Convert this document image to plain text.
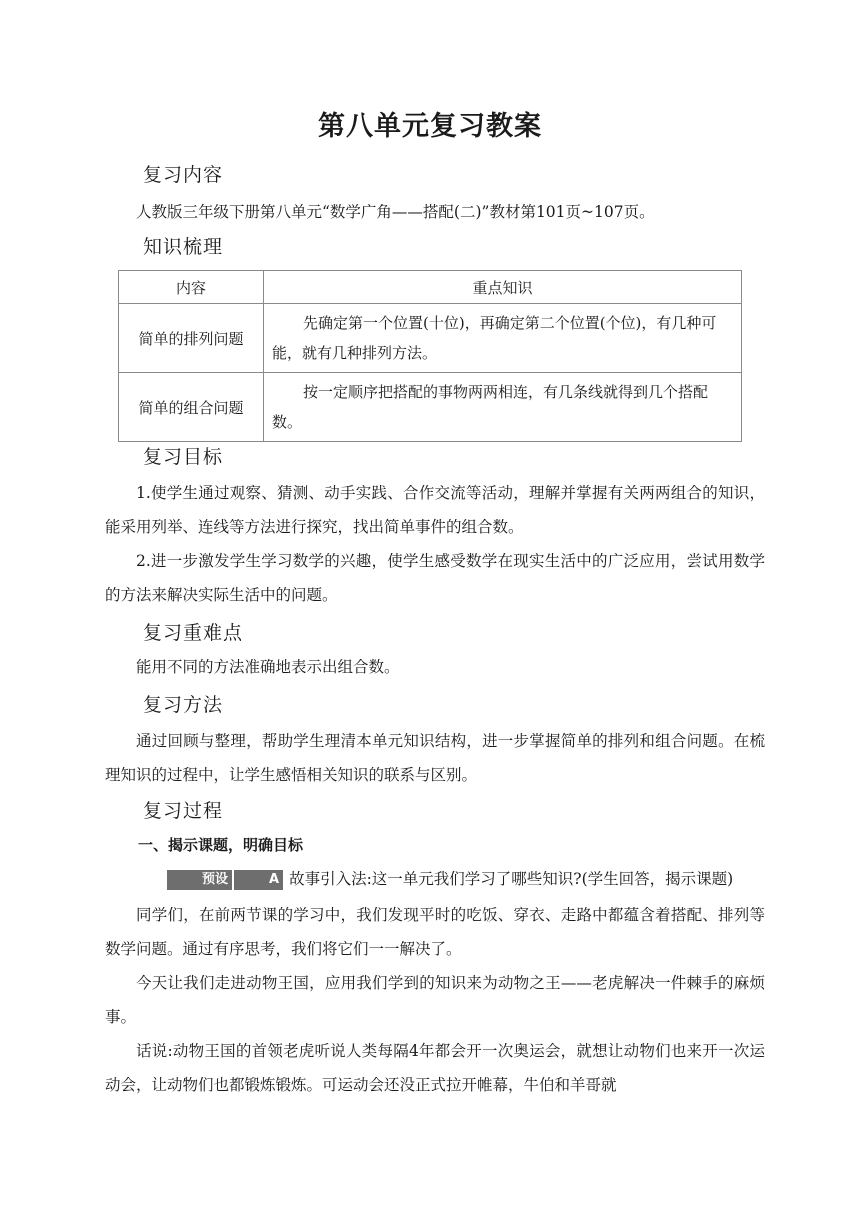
第八单元复习教案
复习内容
人教版三年级下册第八单元“数学广角——搭配(二)”教材第101页~107页。
知识梳理
内容	重点知识
简单的排列问题	先确定第一个位置(十位)，再确定第二个位置(个位)，有几种可能，就有几种排列方法。
简单的组合问题	按一定顺序把搭配的事物两两相连，有几条线就得到几个搭配数。
复习目标
1.使学生通过观察、猜测、动手实践、合作交流等活动，理解并掌握有关两两组合的知识，能采用列举、连线等方法进行探究，找出简单事件的组合数。
2.进一步激发学生学习数学的兴趣，使学生感受数学在现实生活中的广泛应用，尝试用数学的方法来解决实际生活中的问题。
复习重难点
能用不同的方法准确地表示出组合数。
复习方法
通过回顾与整理，帮助学生理清本单元知识结构，进一步掌握简单的排列和组合问题。在梳理知识的过程中，让学生感悟相关知识的联系与区别。
复习过程
一、揭示课题，明确目标
预设	A 故事引入法:这一单元我们学习了哪些知识?(学生回答，揭示课题)
同学们，在前两节课的学习中，我们发现平时的吃饭、穿衣、走路中都蕴含着搭配、排列等数学问题。通过有序思考，我们将它们一一解决了。
今天让我们走进动物王国，应用我们学到的知识来为动物之王——老虎解决一件棘手的麻烦事。
话说:动物王国的首领老虎听说人类每隔4年都会开一次奥运会，就想让动物们也来开一次运动会，让动物们也都锻炼锻炼。可运动会还没正式拉开帷幕，牛伯和羊哥就
